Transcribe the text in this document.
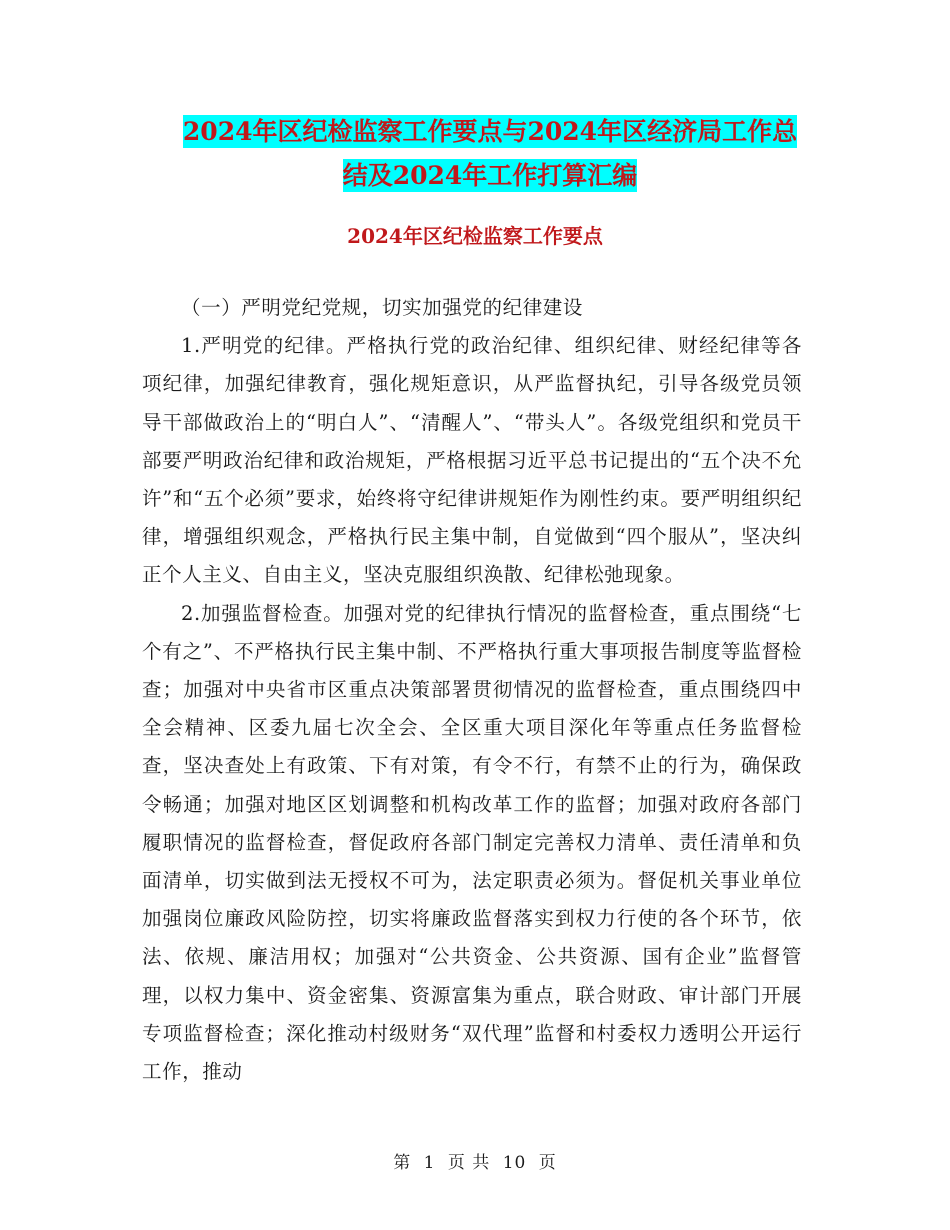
2024年区纪检监察工作要点与2024年区经济局工作总
结及2024年工作打算汇编
2024年区纪检监察工作要点

（一）严明党纪党规，切实加强党的纪律建设

1.严明党的纪律。严格执行党的政治纪律、组织纪律、财经纪律等各项纪律，加强纪律教育，强化规矩意识，从严监督执纪，引导各级党员领导干部做政治上的“明白人”、“清醒人”、“带头人”。各级党组织和党员干部要严明政治纪律和政治规矩，严格根据习近平总书记提出的“五个决不允许”和“五个必须”要求，始终将守纪律讲规矩作为刚性约束。要严明组织纪律，增强组织观念，严格执行民主集中制，自觉做到“四个服从”，坚决纠正个人主义、自由主义，坚决克服组织涣散、纪律松弛现象。

2.加强监督检查。加强对党的纪律执行情况的监督检查，重点围绕“七个有之”、不严格执行民主集中制、不严格执行重大事项报告制度等监督检查；加强对中央省市区重点决策部署贯彻情况的监督检查，重点围绕四中全会精神、区委九届七次全会、全区重大项目深化年等重点任务监督检查，坚决查处上有政策、下有对策，有令不行，有禁不止的行为，确保政令畅通；加强对地区区划调整和机构改革工作的监督；加强对政府各部门履职情况的监督检查，督促政府各部门制定完善权力清单、责任清单和负面清单，切实做到法无授权不可为，法定职责必须为。督促机关事业单位加强岗位廉政风险防控，切实将廉政监督落实到权力行使的各个环节，依法、依规、廉洁用权；加强对“公共资金、公共资源、国有企业”监督管理，以权力集中、资金密集、资源富集为重点，联合财政、审计部门开展专项监督检查；深化推动村级财务“双代理”监督和村委权力透明公开运行工作，推动

第 1 页 共 10 页
